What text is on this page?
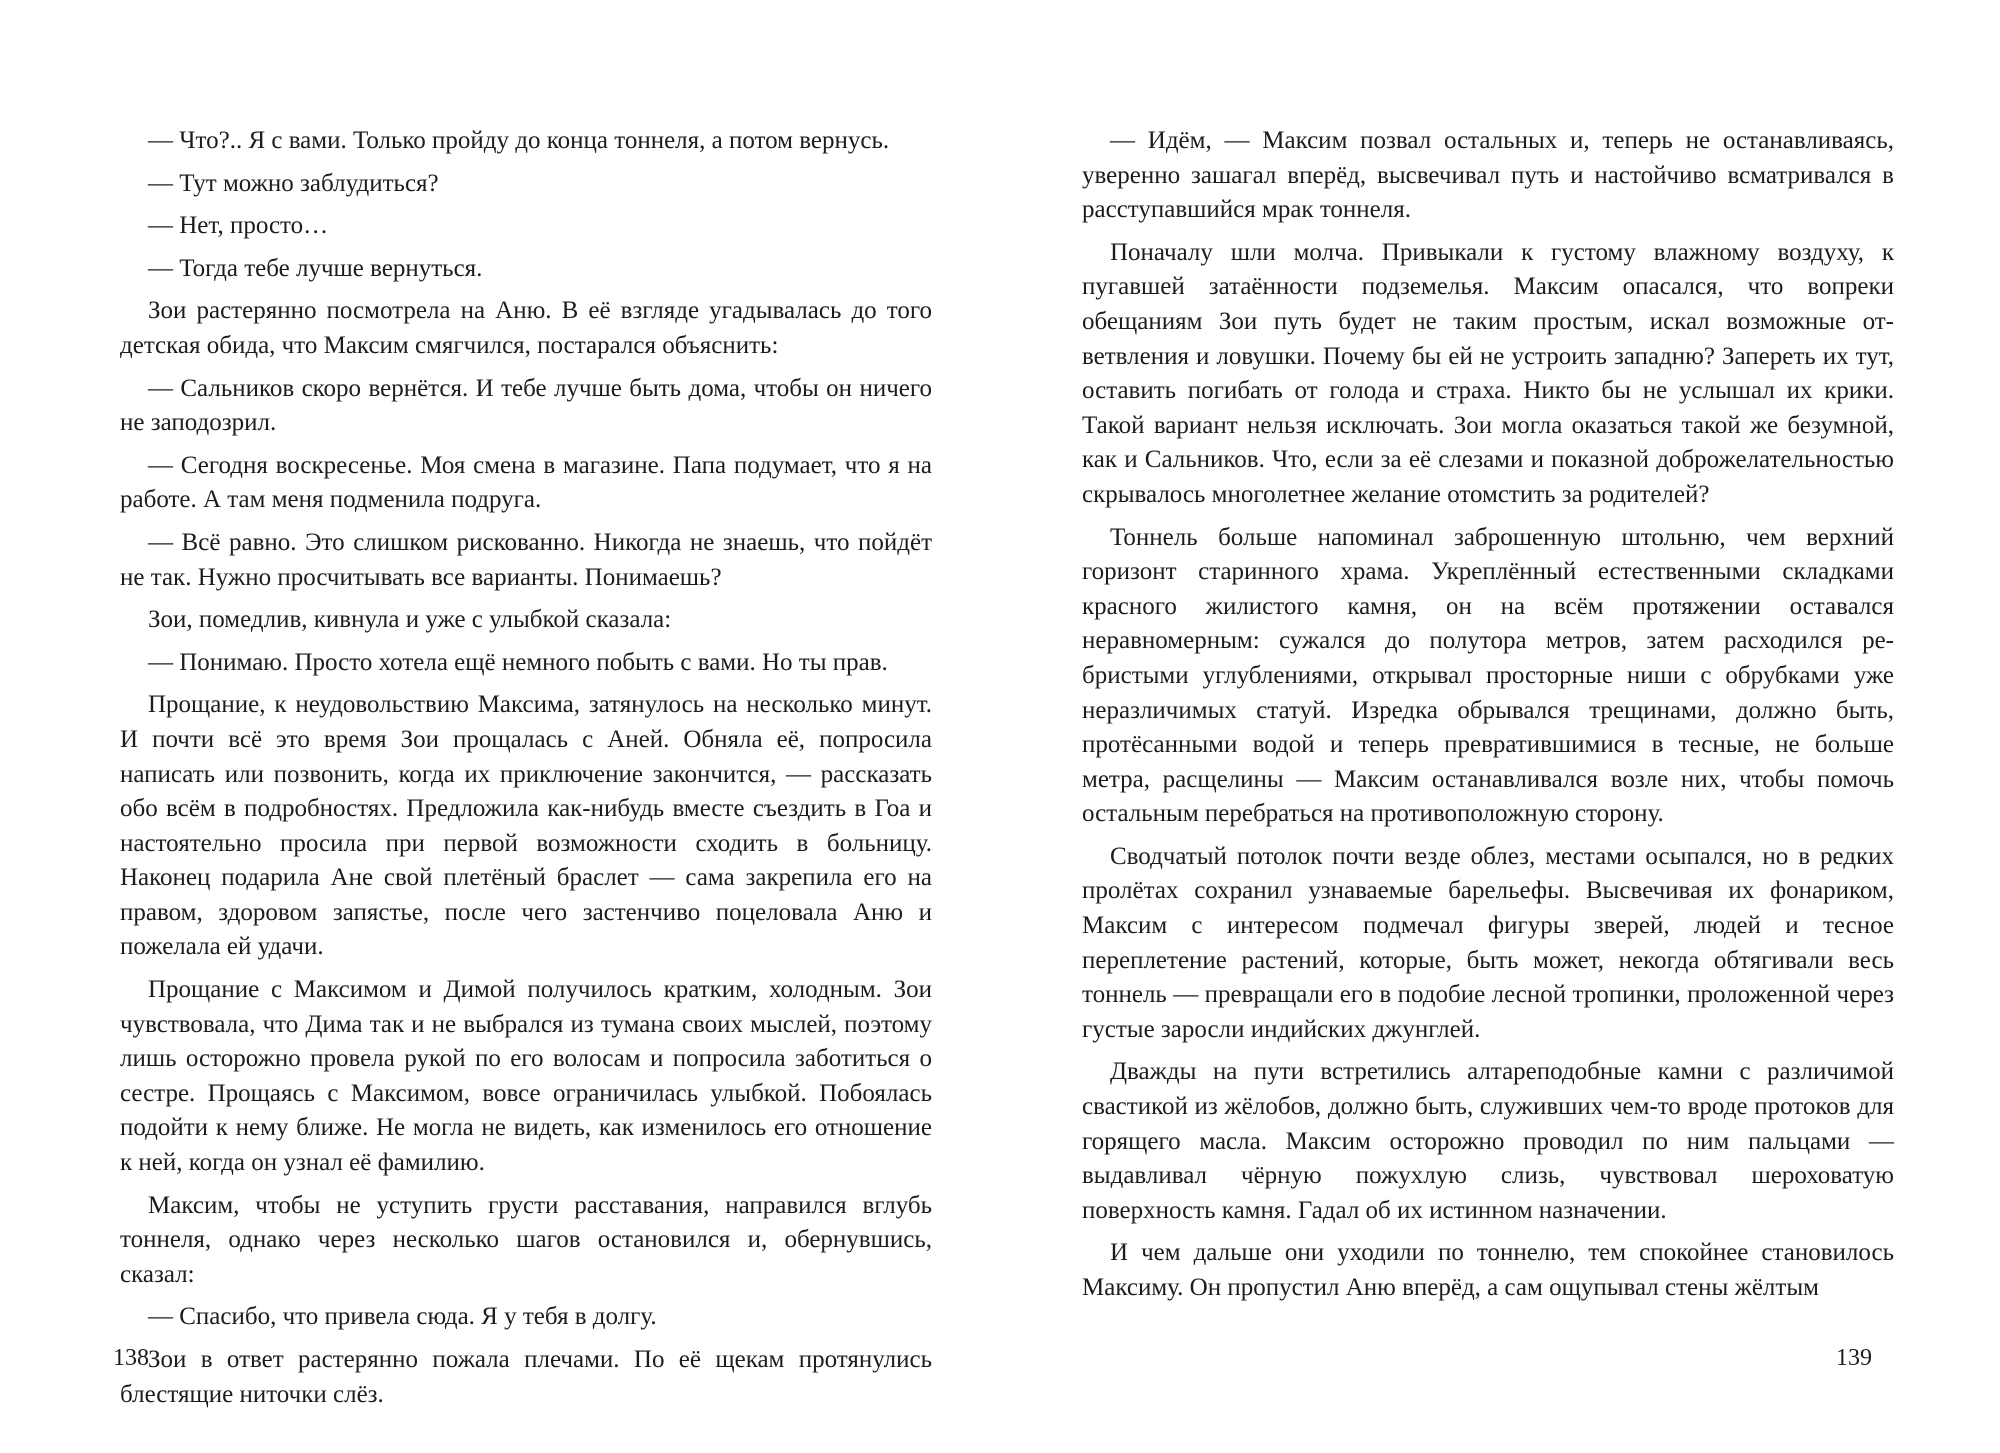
— Что?.. Я с вами. Только пройду до конца тоннеля, а потом вернусь.

— Тут можно заблудиться?

— Нет, просто…

— Тогда тебе лучше вернуться.

Зои растерянно посмотрела на Аню. В её взгляде угадывалась до того детская обида, что Максим смягчился, постарался объяснить:

— Сальников скоро вернётся. И тебе лучше быть дома, чтобы он ничего не заподозрил.

— Сегодня воскресенье. Моя смена в магазине. Папа подумает, что я на работе. А там меня подменила подруга.

— Всё равно. Это слишком рискованно. Никогда не знаешь, что пойдёт не так. Нужно просчитывать все варианты. Понимаешь?

Зои, помедлив, кивнула и уже с улыбкой сказала:

— Понимаю. Просто хотела ещё немного побыть с вами. Но ты прав.

Прощание, к неудовольствию Максима, затянулось на несколько минут. И почти всё это время Зои прощалась с Аней. Обняла её, попросила написать или позвонить, когда их приключение закончится, — рассказать обо всём в подробностях. Предложила как-нибудь вместе съездить в Гоа и настоятельно просила при первой возможности сходить в больницу. Наконец подарила Ане свой плетёный браслет — сама закрепила его на правом, здоровом запястье, после чего застенчиво поцеловала Аню и пожелала ей удачи.

Прощание с Максимом и Димой получилось кратким, холодным. Зои чувствовала, что Дима так и не выбрался из тумана своих мыслей, поэтому лишь осторожно провела рукой по его волосам и попросила заботиться о сестре. Прощаясь с Максимом, вовсе ограничилась улыбкой. Побоялась подойти к нему ближе. Не могла не видеть, как изменилось его отношение к ней, когда он узнал её фамилию.

Максим, чтобы не уступить грусти расставания, направился вглубь тоннеля, однако через несколько шагов остановился и, обернувшись, сказал:

— Спасибо, что привела сюда. Я у тебя в долгу.

Зои в ответ растерянно пожала плечами. По её щекам протянулись блестящие ниточки слёз.

— Идём, — Максим позвал остальных и, теперь не останавливаясь, уверенно зашагал вперёд, высвечивал путь и настойчиво всматривался в расступавшийся мрак тоннеля.

Поначалу шли молча. Привыкали к густому влажному воздуху, к пугавшей затаённости подземелья. Максим опасался, что вопреки обещаниям Зои путь будет не таким простым, искал возможные ответвления и ловушки. Почему бы ей не устроить западню? Запереть их тут, оставить погибать от голода и страха. Никто бы не услышал их крики. Такой вариант нельзя исключать. Зои могла оказаться такой же безумной, как и Сальников. Что, если за её слезами и показной доброжелательностью скрывалось многолетнее желание отомстить за родителей?

Тоннель больше напоминал заброшенную штольню, чем верхний горизонт старинного храма. Укреплённый естественными складками красного жилистого камня, он на всём протяжении оставался неравномерным: сужался до полутора метров, затем расходился ребристыми углублениями, открывал просторные ниши с обрубками уже неразличимых статуй. Изредка обрывался трещинами, должно быть, протёсанными водой и теперь превратившимися в тесные, не больше метра, расщелины — Максим останавливался возле них, чтобы помочь остальным перебраться на противоположную сторону.

Сводчатый потолок почти везде облез, местами осыпался, но в редких пролётах сохранил узнаваемые барельефы. Высвечивая их фонариком, Максим с интересом подмечал фигуры зверей, людей и тесное переплетение растений, которые, быть может, некогда обтягивали весь тоннель — превращали его в подобие лесной тропинки, проложенной через густые заросли индийских джунглей.

Дважды на пути встретились алтареподобные камни с различимой свастикой из жёлобов, должно быть, служивших чем-то вроде протоков для горящего масла. Максим осторожно проводил по ним пальцами — выдавливал чёрную пожухлую слизь, чувствовал шероховатую поверхность камня. Гадал об их истинном назначении.

И чем дальше они уходили по тоннелю, тем спокойнее становилось Максиму. Он пропустил Аню вперёд, а сам ощупывал стены жёлтым

138	139
